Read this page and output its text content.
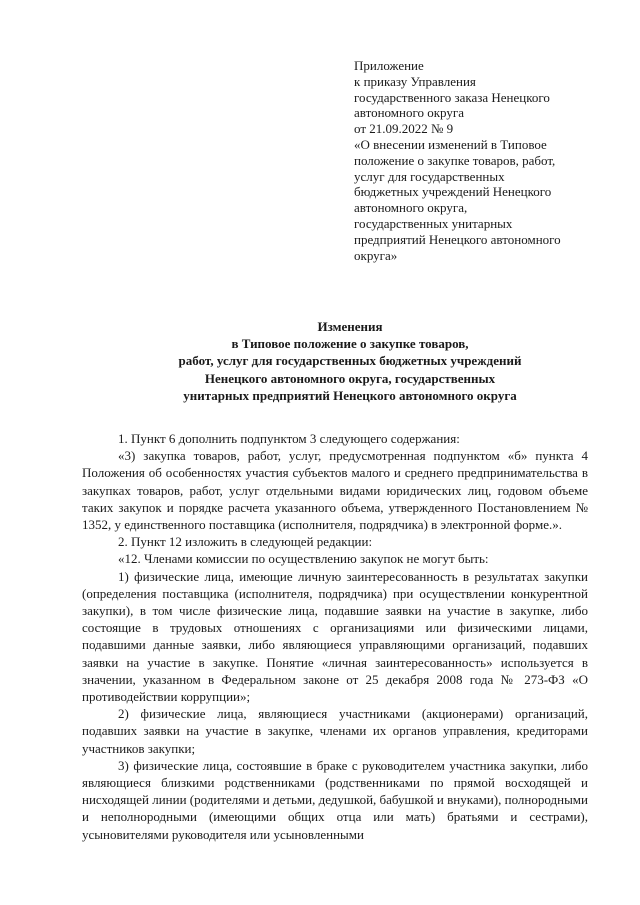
Приложение
к приказу Управления
государственного заказа Ненецкого
автономного округа
от 21.09.2022 № 9
«О внесении изменений в Типовое
положение о закупке товаров, работ,
услуг для государственных
бюджетных учреждений Ненецкого
автономного округа,
государственных унитарных
предприятий Ненецкого автономного
округа»
Изменения
в Типовое положение о закупке товаров,
работ, услуг для государственных бюджетных учреждений
Ненецкого автономного округа, государственных
унитарных предприятий Ненецкого автономного округа

1. Пункт 6 дополнить подпунктом 3 следующего содержания:

«3) закупка товаров, работ, услуг, предусмотренная подпунктом «б» пункта 4 Положения об особенностях участия субъектов малого и среднего предпринимательства в закупках товаров, работ, услуг отдельными видами юридических лиц, годовом объеме таких закупок и порядке расчета указанного объема, утвержденного Постановлением № 1352, у единственного поставщика (исполнителя, подрядчика) в электронной форме.».

2. Пункт 12 изложить в следующей редакции:

«12. Членами комиссии по осуществлению закупок не могут быть:

1) физические лица, имеющие личную заинтересованность в результатах закупки (определения поставщика (исполнителя, подрядчика) при осуществлении конкурентной закупки), в том числе физические лица, подавшие заявки на участие в закупке, либо состоящие в трудовых отношениях с организациями или физическими лицами, подавшими данные заявки, либо являющиеся управляющими организаций, подавших заявки на участие в закупке. Понятие «личная заинтересованность» используется в значении, указанном в Федеральном законе от 25 декабря 2008 года № 273-ФЗ «О противодействии коррупции»;

2) физические лица, являющиеся участниками (акционерами) организаций, подавших заявки на участие в закупке, членами их органов управления, кредиторами участников закупки;

3) физические лица, состоявшие в браке с руководителем участника закупки, либо являющиеся близкими родственниками (родственниками по прямой восходящей и нисходящей линии (родителями и детьми, дедушкой, бабушкой и внуками), полнородными и неполнородными (имеющими общих отца или мать) братьями и сестрами), усыновителями руководителя или усыновленными
